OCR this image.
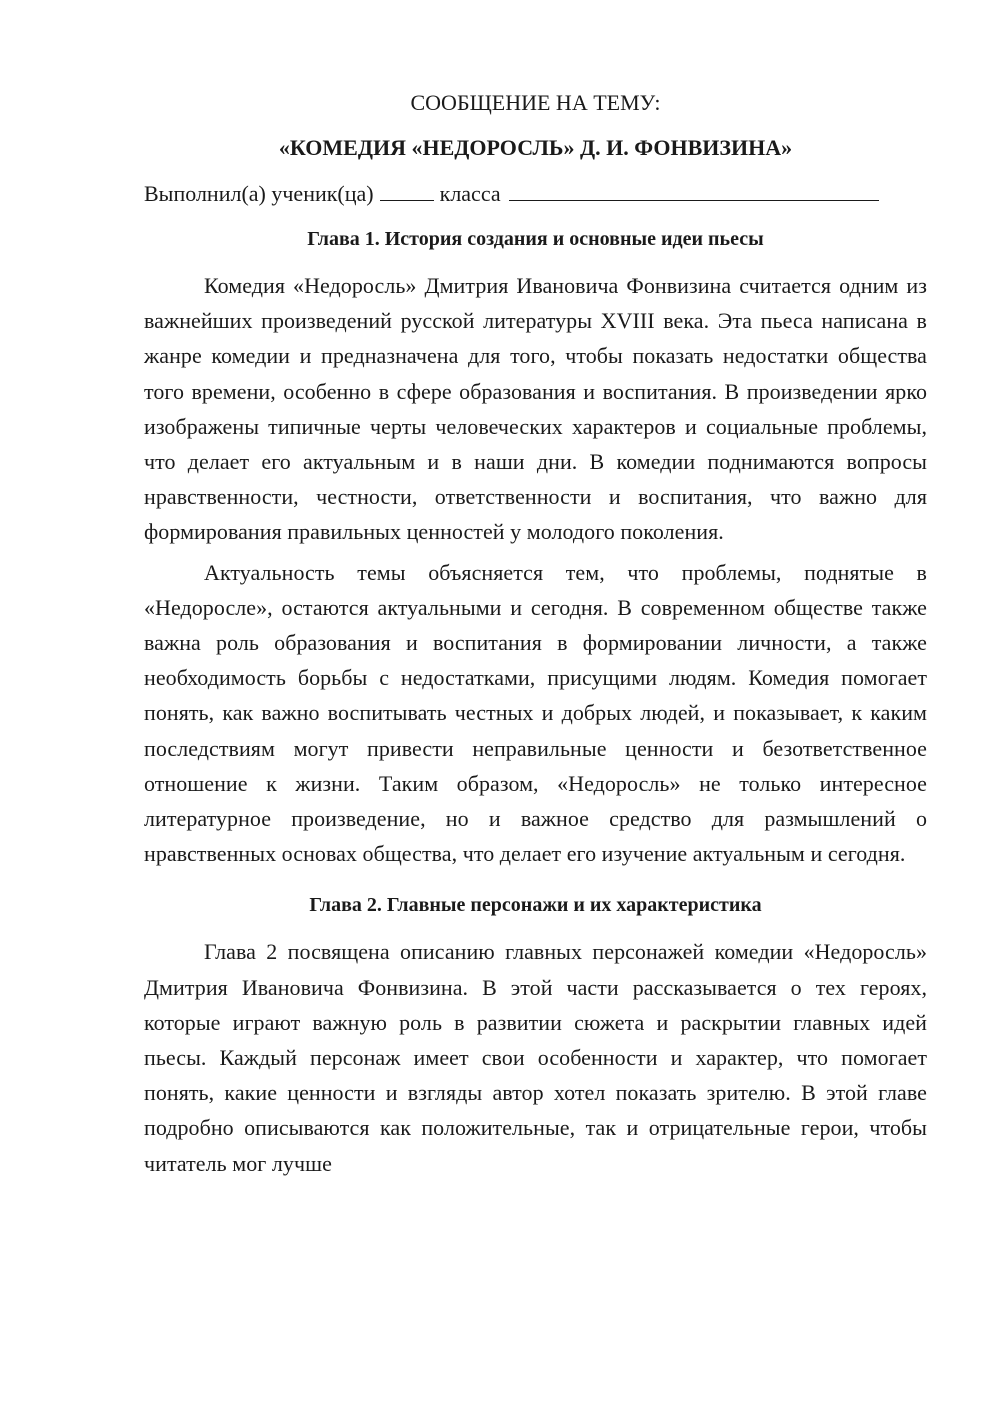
СООБЩЕНИЕ НА ТЕМУ:

«КОМЕДИЯ «НЕДОРОСЛЬ» Д. И. ФОНВИЗИНА»

Выполнил(а) ученик(ца)	класса

Глава 1. История создания и основные идеи пьесы

Комедия «Недоросль» Дмитрия Ивановича Фонвизина считается одним из важнейших произведений русской литературы XVIII века. Эта пьеса написана в жанре комедии и предназначена для того, чтобы показать недостатки общества того времени, особенно в сфере образования и воспитания. В произведении ярко изображены типичные черты человеческих характеров и социальные проблемы, что делает его актуальным и в наши дни. В комедии поднимаются вопросы нравственности, честности, ответственности и воспитания, что важно для формирования правильных ценностей у молодого поколения.

Актуальность темы объясняется тем, что проблемы, поднятые в «Недоросле», остаются актуальными и сегодня. В современном обществе также важна роль образования и воспитания в формировании личности, а также необходимость борьбы с недостатками, присущими людям. Комедия помогает понять, как важно воспитывать честных и добрых людей, и показывает, к каким последствиям могут привести неправильные ценности и безответственное отношение к жизни. Таким образом, «Недоросль» не только интересное литературное произведение, но и важное средство для размышлений о нравственных основах общества, что делает его изучение актуальным и сегодня.

Глава 2. Главные персонажи и их характеристика

Глава 2 посвящена описанию главных персонажей комедии «Недоросль» Дмитрия Ивановича Фонвизина. В этой части рассказывается о тех героях, которые играют важную роль в развитии сюжета и раскрытии главных идей пьесы. Каждый персонаж имеет свои особенности и характер, что помогает понять, какие ценности и взгляды автор хотел показать зрителю. В этой главе подробно описываются как положительные, так и отрицательные герои, чтобы читатель мог лучше
